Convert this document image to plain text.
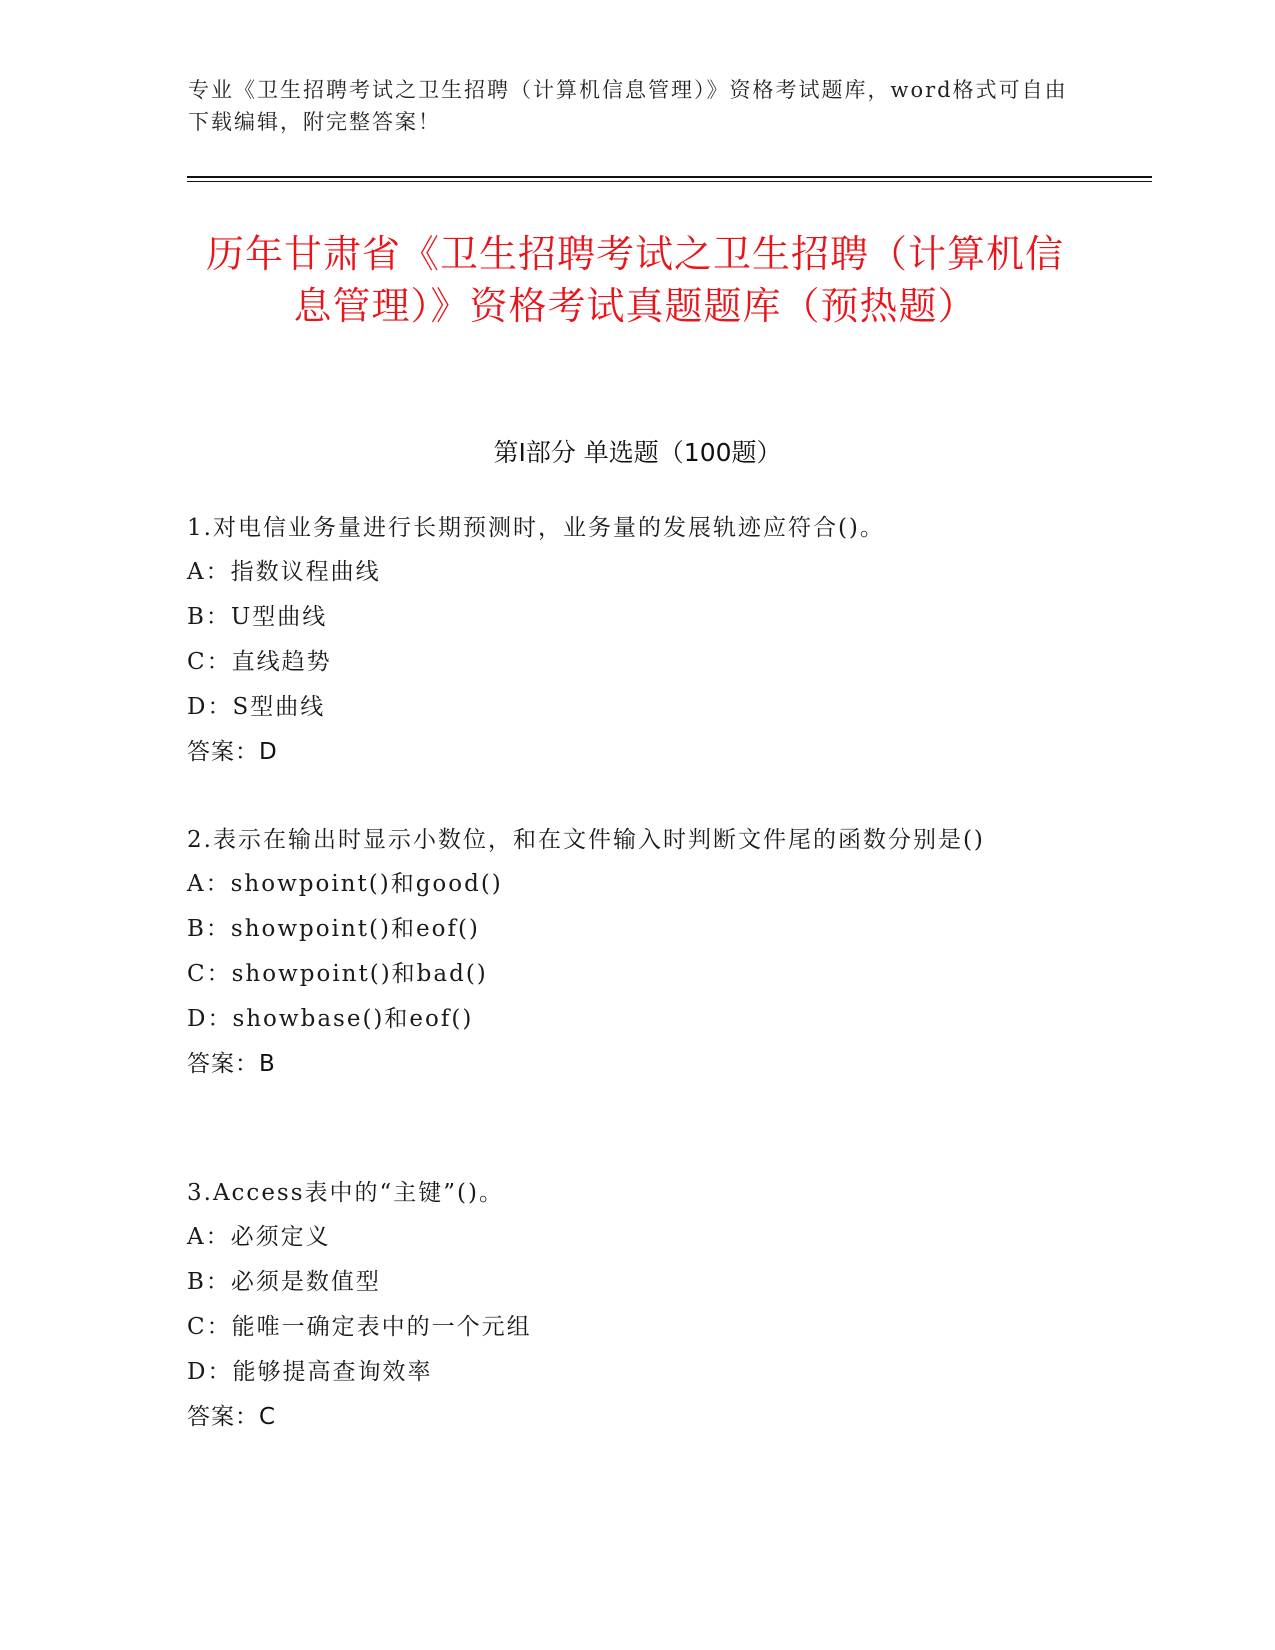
专业《卫生招聘考试之卫生招聘（计算机信息管理）》资格考试题库，word格式可自由下载编辑，附完整答案！
历年甘肃省《卫生招聘考试之卫生招聘（计算机信息管理）》资格考试真题题库（预热题）
第Ⅰ部分 单选题（100题）
1.对电信业务量进行长期预测时，业务量的发展轨迹应符合()。
A：指数议程曲线
B：U型曲线
C：直线趋势
D：S型曲线
答案：D
2.表示在输出时显示小数位，和在文件输入时判断文件尾的函数分别是()
A：showpoint()和good()
B：showpoint()和eof()
C：showpoint()和bad()
D：showbase()和eof()
答案：B
3.Access表中的“主键”()。
A：必须定义
B：必须是数值型
C：能唯一确定表中的一个元组
D：能够提高查询效率
答案：C
